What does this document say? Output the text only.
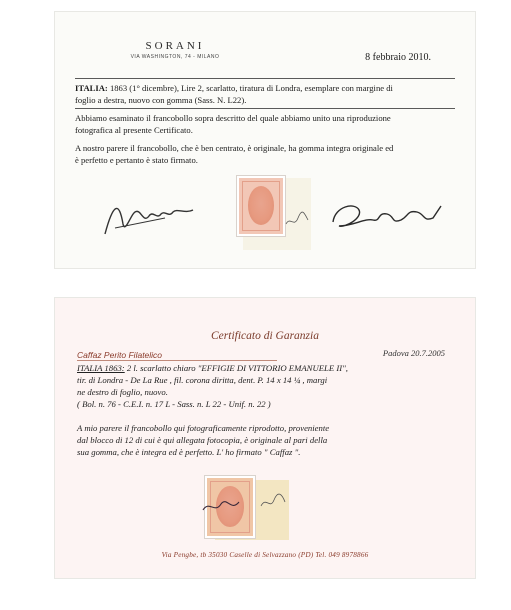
SORANI
VIA WASHINGTON, 74 - MILANO	8 febbraio 2010.
ITALIA: 1863 (1° dicembre), Lire 2, scarlatto, tiratura di Londra, esemplare con margine di
foglio a destra, nuovo con gomma (Sass. N. L22).
Abbiamo esaminato il francobollo sopra descritto del quale abbiamo unito una riproduzione
fotografica al presente Certificato.
A nostro parere il francobollo, che è ben centrato, è originale, ha gomma integra originale ed
è perfetto e pertanto è stato firmato.
Certificato di Garanzia
Caffaz Perito Filatelico	Padova 20.7.2005
ITALIA 1863: 2 l. scarlatto chiaro "EFFIGIE DI VITTORIO EMANUELE II",
tir. di Londra - De La Rue , fil. corona diritta, dent. P. 14 x 14 ¼ , margi
ne destro di foglio, nuovo.
( Bol. n. 76 - C.E.I. n. 17 L - Sass. n. L 22 - Unif. n. 22 )
A mio parere il francobollo qui fotograficamente riprodotto, proveniente
dal blocco di 12 di cui è qui allegata fotocopia, è originale al pari della
sua gomma, che è integra ed è perfetto. L' ho firmato " Caffaz ".
Via Pengbe, tb 35030 Caselle di Selvazzano (PD) Tel. 049 8978866
